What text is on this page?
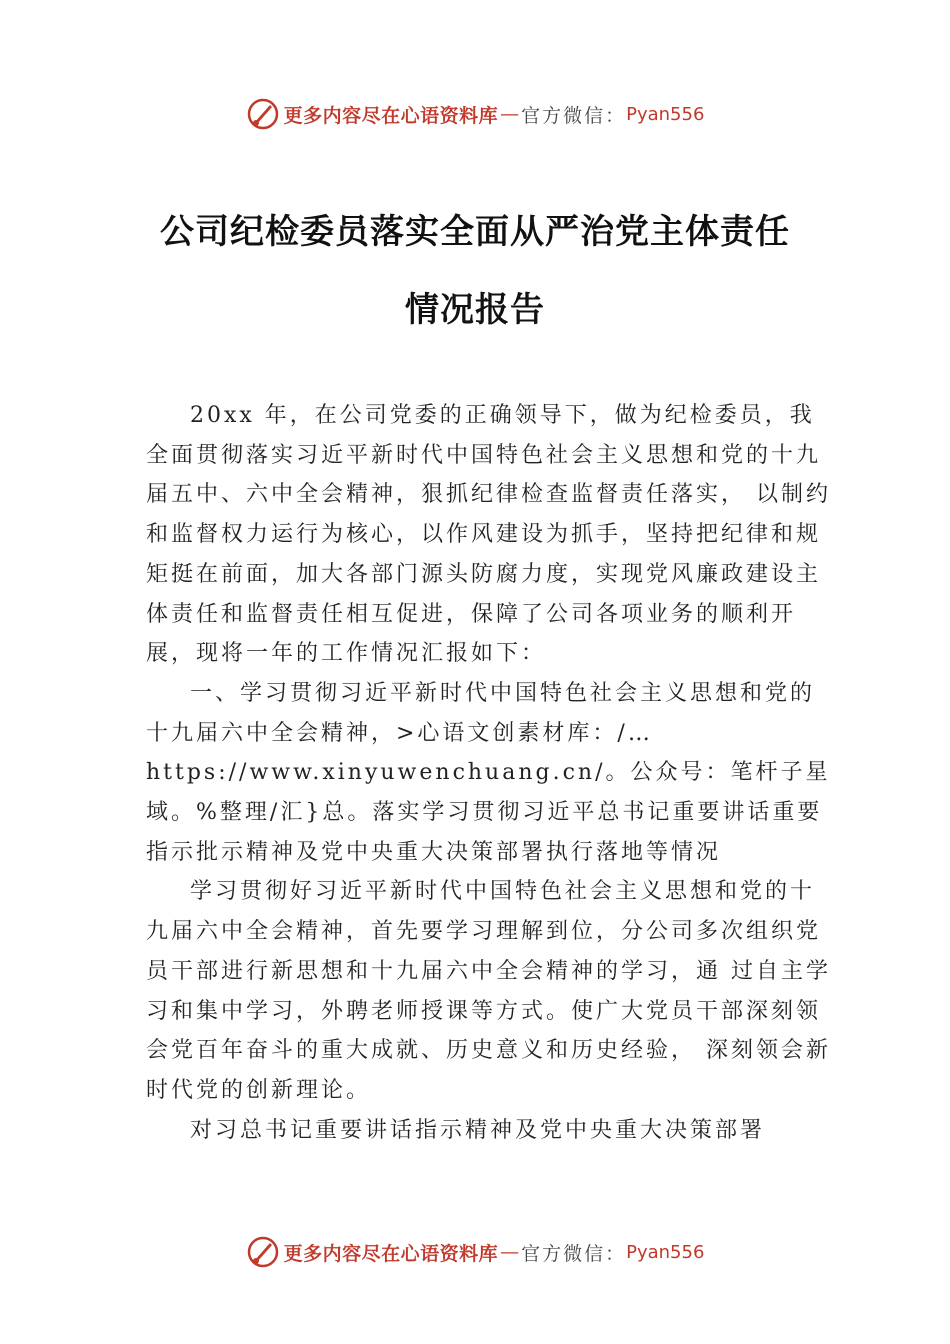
更多内容尽在心语资料库 — 官方微信： Pyan556
公司纪检委员落实全面从严治党主体责任
情况报告

20xx 年，在公司党委的正确领导下，做为纪检委员，我全面贯彻落实习近平新时代中国特色社会主义思想和党的十九届五中、六中全会精神，狠抓纪律检查监督责任落实， 以制约和监督权力运行为核心，以作风建设为抓手，坚持把纪律和规矩挺在前面，加大各部门源头防腐力度，实现党风廉政建设主体责任和监督责任相互促进，保障了公司各项业务的顺利开展，现将一年的工作情况汇报如下：

一、学习贯彻习近平新时代中国特色社会主义思想和党的十九届六中全会精神，>心语文创素材库：/…https://www.xinyuwenchuang.cn/。公众号：笔杆子星域。%整理/汇}总。落实学习贯彻习近平总书记重要讲话重要指示批示精神及党中央重大决策部署执行落地等情况

学习贯彻好习近平新时代中国特色社会主义思想和党的十九届六中全会精神，首先要学习理解到位，分公司多次组织党员干部进行新思想和十九届六中全会精神的学习，通 过自主学习和集中学习，外聘老师授课等方式。使广大党员干部深刻领会党百年奋斗的重大成就、历史意义和历史经验， 深刻领会新时代党的创新理论。

对习总书记重要讲话指示精神及党中央重大决策部署

更多内容尽在心语资料库 — 官方微信： Pyan556
